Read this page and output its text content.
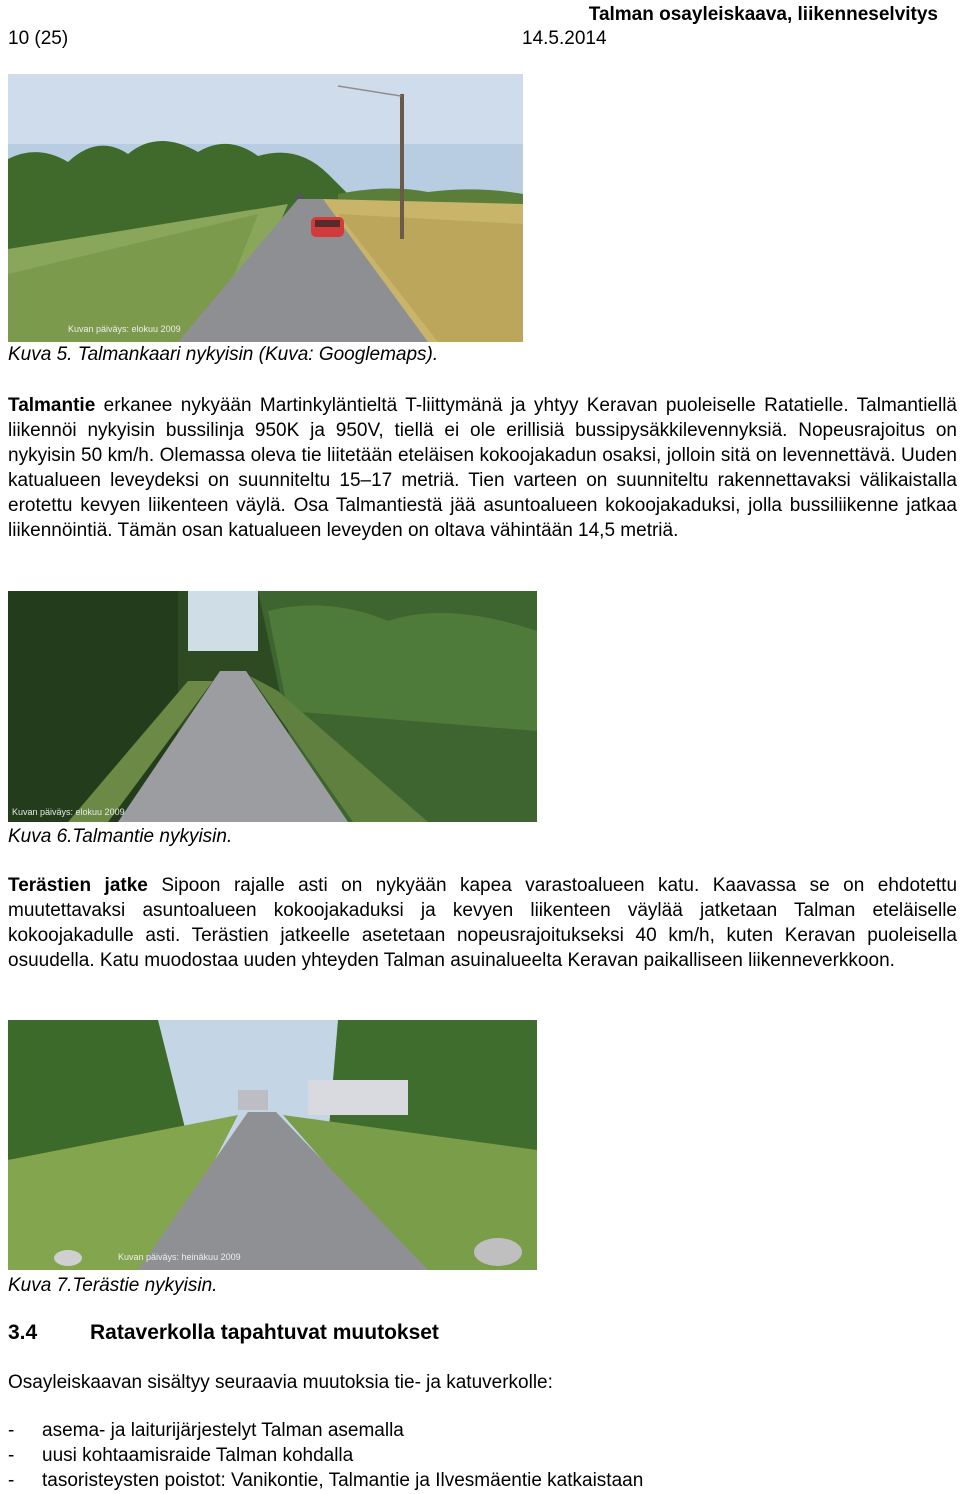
Talman osayleiskaava, liikenneselvitys
10 (25)	14.5.2014
Kuvan päiväys: elokuu 2009
Kuva 5. Talmankaari nykyisin (Kuva: Googlemaps).

Talmantie erkanee nykyään Martinkyläntieltä T-liittymänä ja yhtyy Keravan puoleiselle Ratatielle. Talmantiellä liikennöi nykyisin bussilinja 950K ja 950V, tiellä ei ole erillisiä bussipysäkkilevennyksiä. Nopeusrajoitus on nykyisin 50 km/h. Olemassa oleva tie liitetään eteläisen kokoojakadun osaksi, jolloin sitä on levennettävä. Uuden katualueen leveydeksi on suunniteltu 15–17 metriä. Tien varteen on suunniteltu rakennettavaksi välikaistalla erotettu kevyen liikenteen väylä. Osa Talmantiestä jää asuntoalueen kokoojakaduksi, jolla bussiliikenne jatkaa liikennöintiä. Tämän osan katualueen leveyden on oltava vähintään 14,5 metriä.

Kuvan päiväys: elokuu 2009
Kuva 6.Talmantie nykyisin.

Terästien jatke Sipoon rajalle asti on nykyään kapea varastoalueen katu. Kaavassa se on ehdotettu muutettavaksi asuntoalueen kokoojakaduksi ja kevyen liikenteen väylää jatketaan Talman eteläiselle kokoojakadulle asti. Terästien jatkeelle asetetaan nopeusrajoitukseksi 40 km/h, kuten Keravan puoleisella osuudella. Katu muodostaa uuden yhteyden Talman asuinalueelta Keravan paikalliseen liikenneverkkoon.

Kuvan päiväys: heinäkuu 2009
Kuva 7.Terästie nykyisin.
3.4	Rataverkolla tapahtuvat muutokset
Osayleiskaavan sisältyy seuraavia muutoksia tie- ja katuverkolle:
-	asema- ja laiturijärjestelyt Talman asemalla
-	uusi kohtaamisraide Talman kohdalla
-	tasoristeysten poistot: Vanikontie, Talmantie ja Ilvesmäentie katkaistaan
